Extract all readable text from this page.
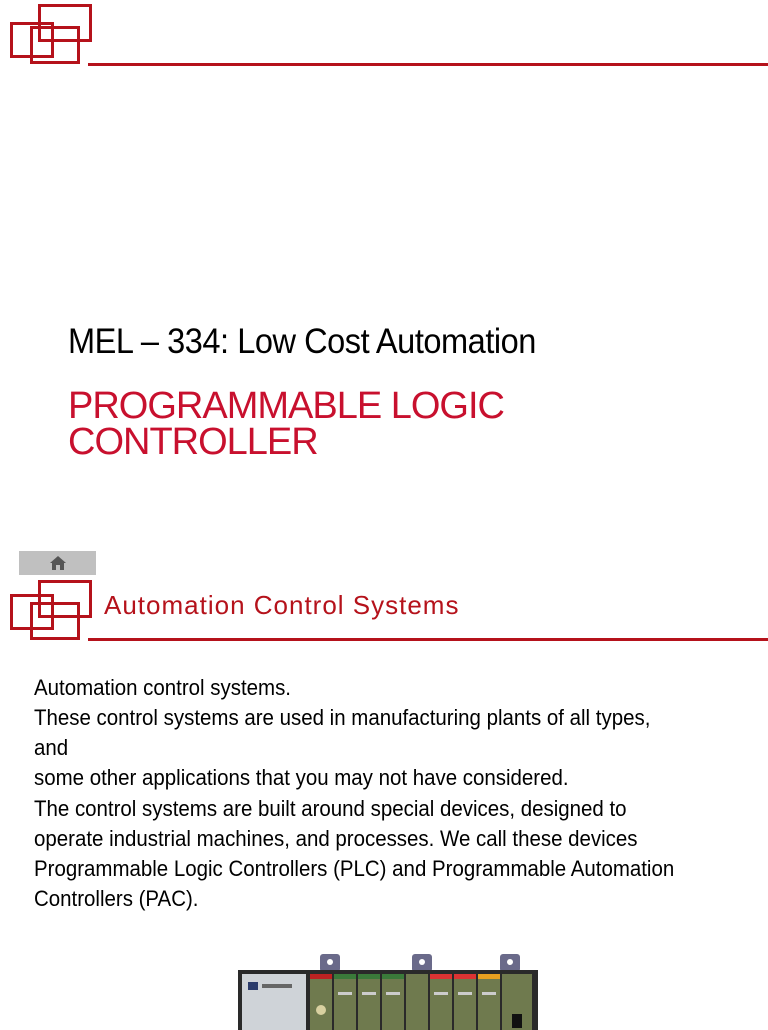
MEL – 334: Low Cost Automation
PROGRAMMABLE LOGIC
CONTROLLER
Automation Control Systems

Automation control systems.

These control systems are used in manufacturing plants of all types, and

some other applications that you may not have considered.

The control systems are built around special devices, designed to

operate industrial machines, and processes. We call these devices

Programmable Logic Controllers (PLC) and Programmable Automation

Controllers (PAC).
